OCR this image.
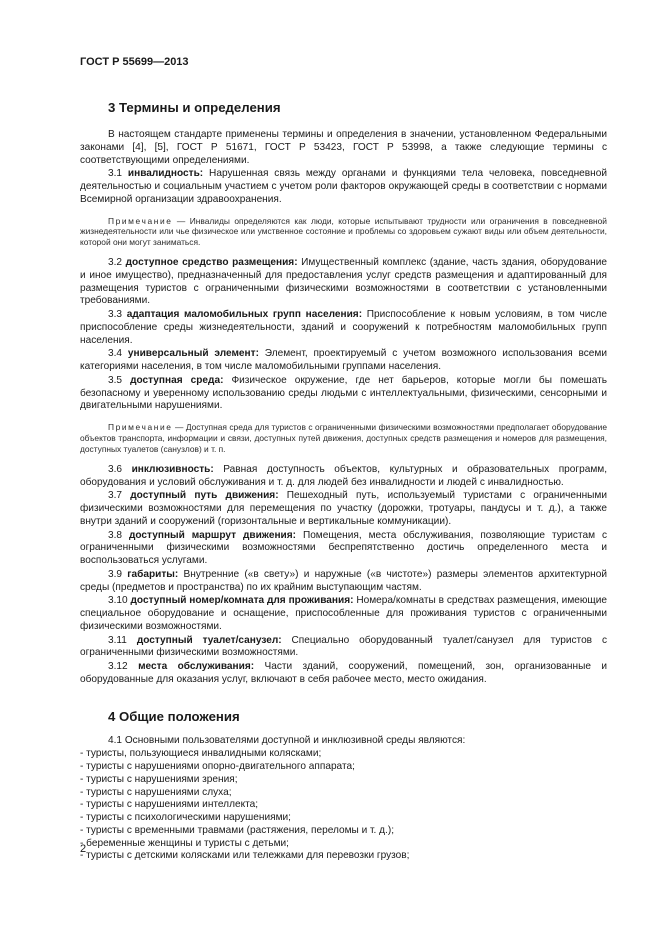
ГОСТ Р 55699—2013
3 Термины и определения

В настоящем стандарте применены термины и определения в значении, установленном Федеральными законами [4], [5], ГОСТ Р 51671, ГОСТ Р 53423, ГОСТ Р 53998, а также следующие термины с соответствующими определениями.

3.1 инвалидность: Нарушенная связь между органами и функциями тела человека, повседневной деятельностью и социальным участием с учетом роли факторов окружающей среды в соответствии с нормами Всемирной организации здравоохранения.

Примечание — Инвалиды определяются как люди, которые испытывают трудности или ограничения в повседневной жизнедеятельности или чье физическое или умственное состояние и проблемы со здоровьем сужают виды или объем деятельности, которой они могут заниматься.

3.2 доступное средство размещения: Имущественный комплекс (здание, часть здания, оборудование и иное имущество), предназначенный для предоставления услуг средств размещения и адаптированный для размещения туристов с ограниченными физическими возможностями в соответствии с установленными требованиями.

3.3 адаптация маломобильных групп населения: Приспособление к новым условиям, в том числе приспособление среды жизнедеятельности, зданий и сооружений к потребностям маломобильных групп населения.

3.4 универсальный элемент: Элемент, проектируемый с учетом возможного использования всеми категориями населения, в том числе маломобильными группами населения.

3.5 доступная среда: Физическое окружение, где нет барьеров, которые могли бы помешать безопасному и уверенному использованию среды людьми с интеллектуальными, физическими, сенсорными и двигательными нарушениями.

Примечание — Доступная среда для туристов с ограниченными физическими возможностями предполагает оборудование объектов транспорта, информации и связи, доступных путей движения, доступных средств размещения и номеров для размещения, доступных туалетов (санузлов) и т. п.

3.6 инклюзивность: Равная доступность объектов, культурных и образовательных программ, оборудования и условий обслуживания и т. д. для людей без инвалидности и людей с инвалидностью.

3.7 доступный путь движения: Пешеходный путь, используемый туристами с ограниченными физическими возможностями для перемещения по участку (дорожки, тротуары, пандусы и т. д.), а также внутри зданий и сооружений (горизонтальные и вертикальные коммуникации).

3.8 доступный маршрут движения: Помещения, места обслуживания, позволяющие туристам с ограниченными физическими возможностями беспрепятственно достичь определенного места и воспользоваться услугами.

3.9 габариты: Внутренние («в свету») и наружные («в чистоте») размеры элементов архитектурной среды (предметов и пространства) по их крайним выступающим частям.

3.10 доступный номер/комната для проживания: Номера/комнаты в средствах размещения, имеющие специальное оборудование и оснащение, приспособленные для проживания туристов с ограниченными физическими возможностями.

3.11 доступный туалет/санузел: Специально оборудованный туалет/санузел для туристов с ограниченными физическими возможностями.

3.12 места обслуживания: Части зданий, сооружений, помещений, зон, организованные и оборудованные для оказания услуг, включают в себя рабочее место, место ожидания.

4 Общие положения

4.1 Основными пользователями доступной и инклюзивной среды являются:

- туристы, пользующиеся инвалидными колясками;
- туристы с нарушениями опорно-двигательного аппарата;
- туристы с нарушениями зрения;
- туристы с нарушениями слуха;
- туристы с нарушениями интеллекта;
- туристы с психологическими нарушениями;
- туристы с временными травмами (растяжения, переломы и т. д.);
- беременные женщины и туристы с детьми;
- туристы с детскими колясками или тележками для перевозки грузов;
2
